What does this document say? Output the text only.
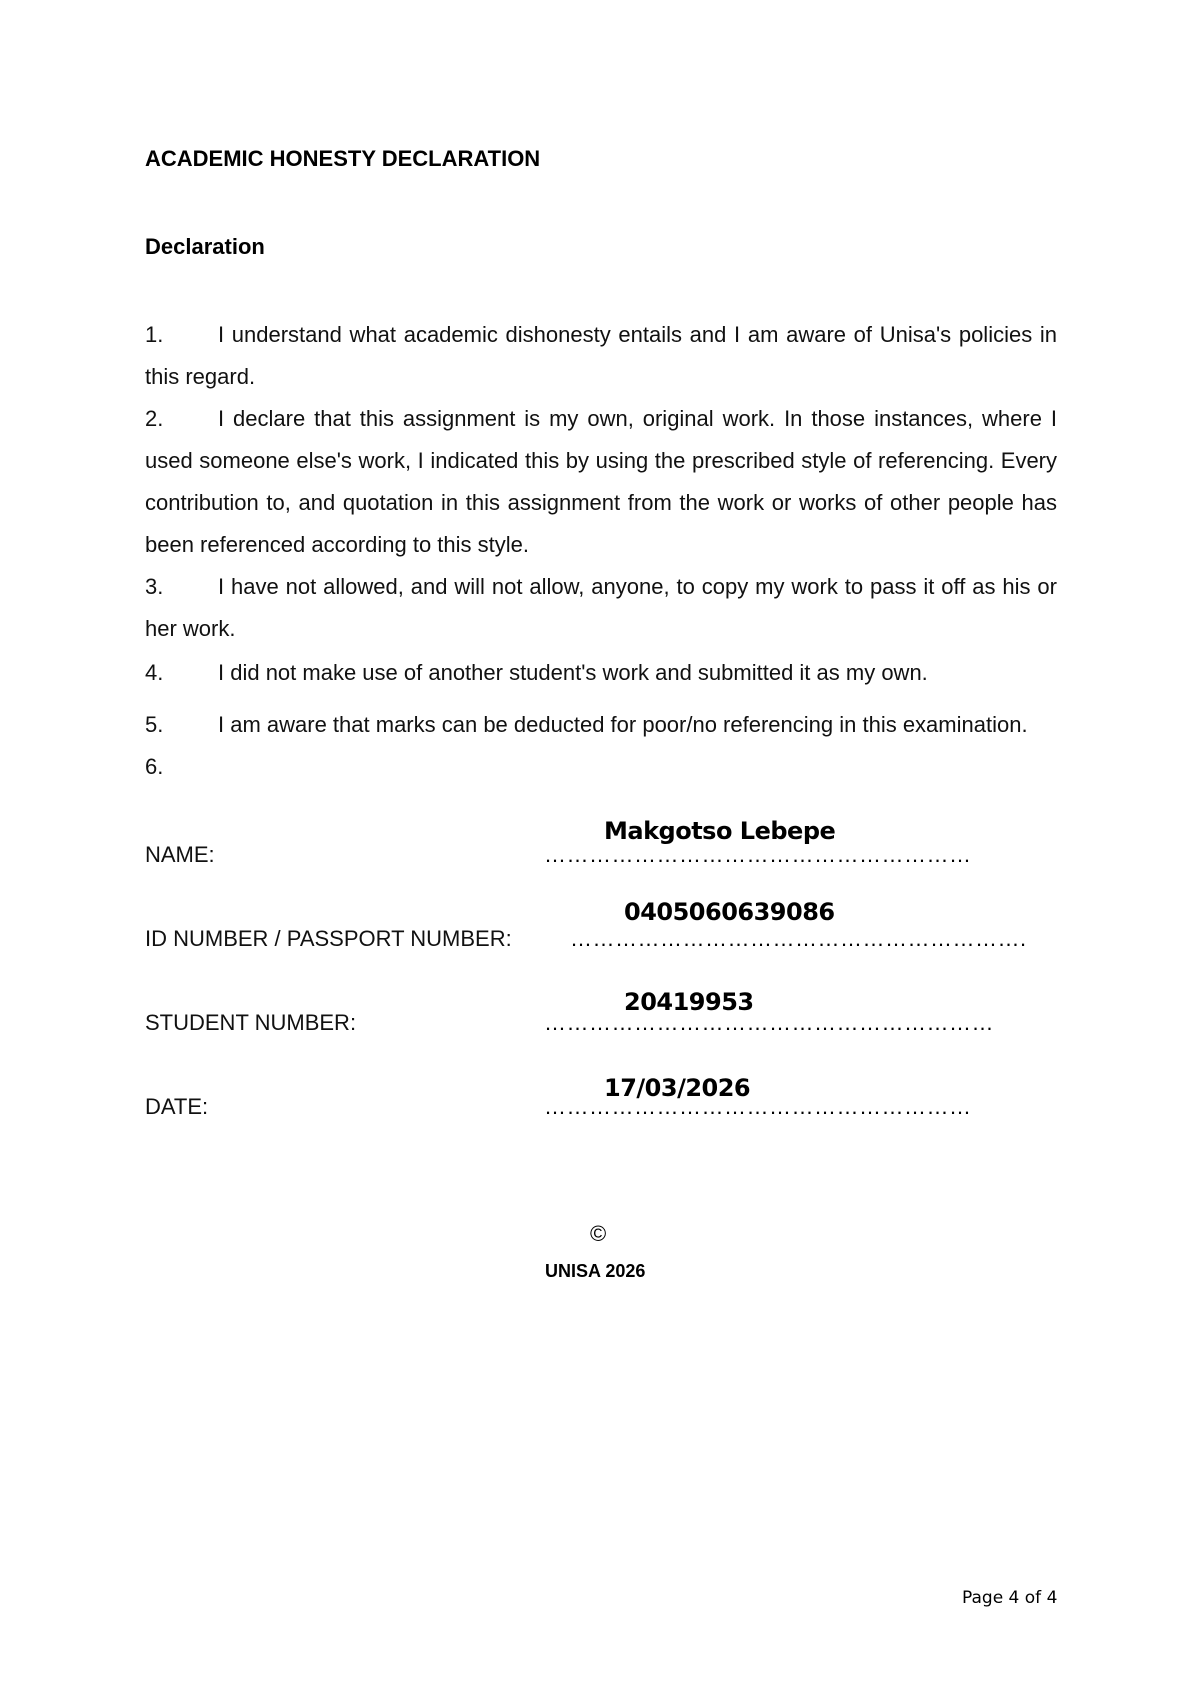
ACADEMIC HONESTY DECLARATION
Declaration
1. I understand what academic dishonesty entails and I am aware of Unisa's policies in this regard.
2. I declare that this assignment is my own, original work. In those instances, where I used someone else's work, I indicated this by using the prescribed style of referencing. Every contribution to, and quotation in this assignment from the work or works of other people has been referenced according to this style.
3. I have not allowed, and will not allow, anyone, to copy my work to pass it off as his or her work.
4. I did not make use of another student's work and submitted it as my own.
5. I am aware that marks can be deducted for poor/no referencing in this examination.
6.
Makgotso Lebepe
NAME:	…………………………………………………
0405060639086
ID NUMBER / PASSPORT NUMBER:	…………………………………………………….
20419953
STUDENT NUMBER:	……………………………………………………
17/03/2026
DATE:	…………………………………………………
©
UNISA 2026
Page 4 of 4
